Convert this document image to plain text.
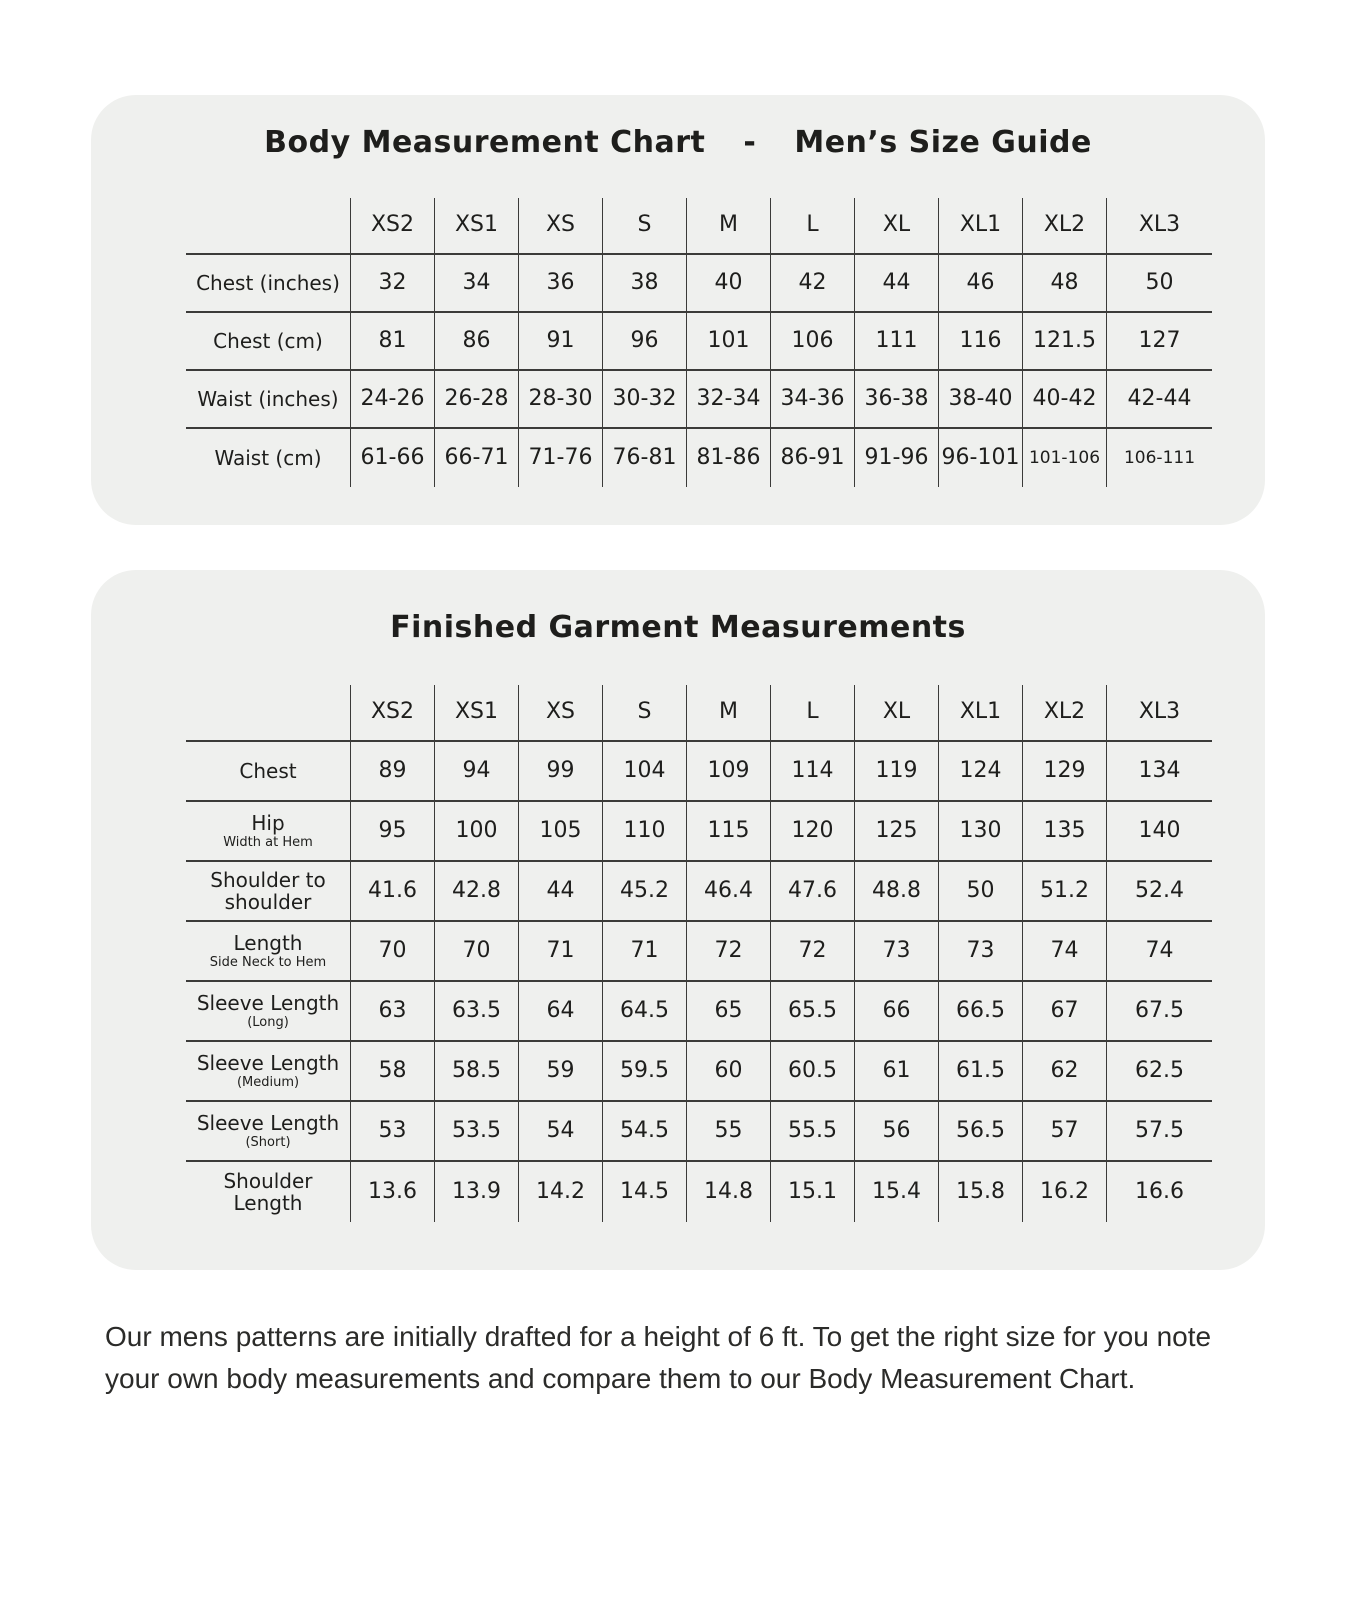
Body Measurement Chart - Men’s Size Guide
XS2	XS1	XS	S	M	L	XL	XL1	XL2	XL3
Chest (inches)	32	34	36	38	40	42	44	46	48	50
Chest (cm)	81	86	91	96	101	106	111	116	121.5	127
Waist (inches) 24-26 26-28 28-30 30-32 32-34 34-36 36-38 38-40 40-42	42-44
Waist (cm)	61-66 66-71 71-76 76-81 81-86 86-91 91-96 96-101 101-106	106-111
Finished Garment Measurements
XS2	XS1	XS	S	M	L	XL	XL1	XL2	XL3
Chest	89	94	99	104	109	114	119	124	129	134
Hip
Width at Hem	95	100	105	110	115	120	125	130	135	140
Shoulder to shoulder	41.6	42.8	44	45.2	46.4	47.6	48.8	50	51.2	52.4
Length
Side Neck to Hem	70	70	71	71	72	72	73	73	74	74
Sleeve Length
(Long)	63	63.5	64	64.5	65	65.5	66	66.5	67	67.5
Sleeve Length
(Medium)	58	58.5	59	59.5	60	60.5	61	61.5	62	62.5
Sleeve Length
(Short)	53	53.5	54	54.5	55	55.5	56	56.5	57	57.5
Shoulder Length	13.6	13.9	14.2	14.5	14.8	15.1	15.4	15.8	16.2	16.6

Our mens patterns are initially drafted for a height of 6 ft. To get the right size for you note
your own body measurements and compare them to our Body Measurement Chart.
